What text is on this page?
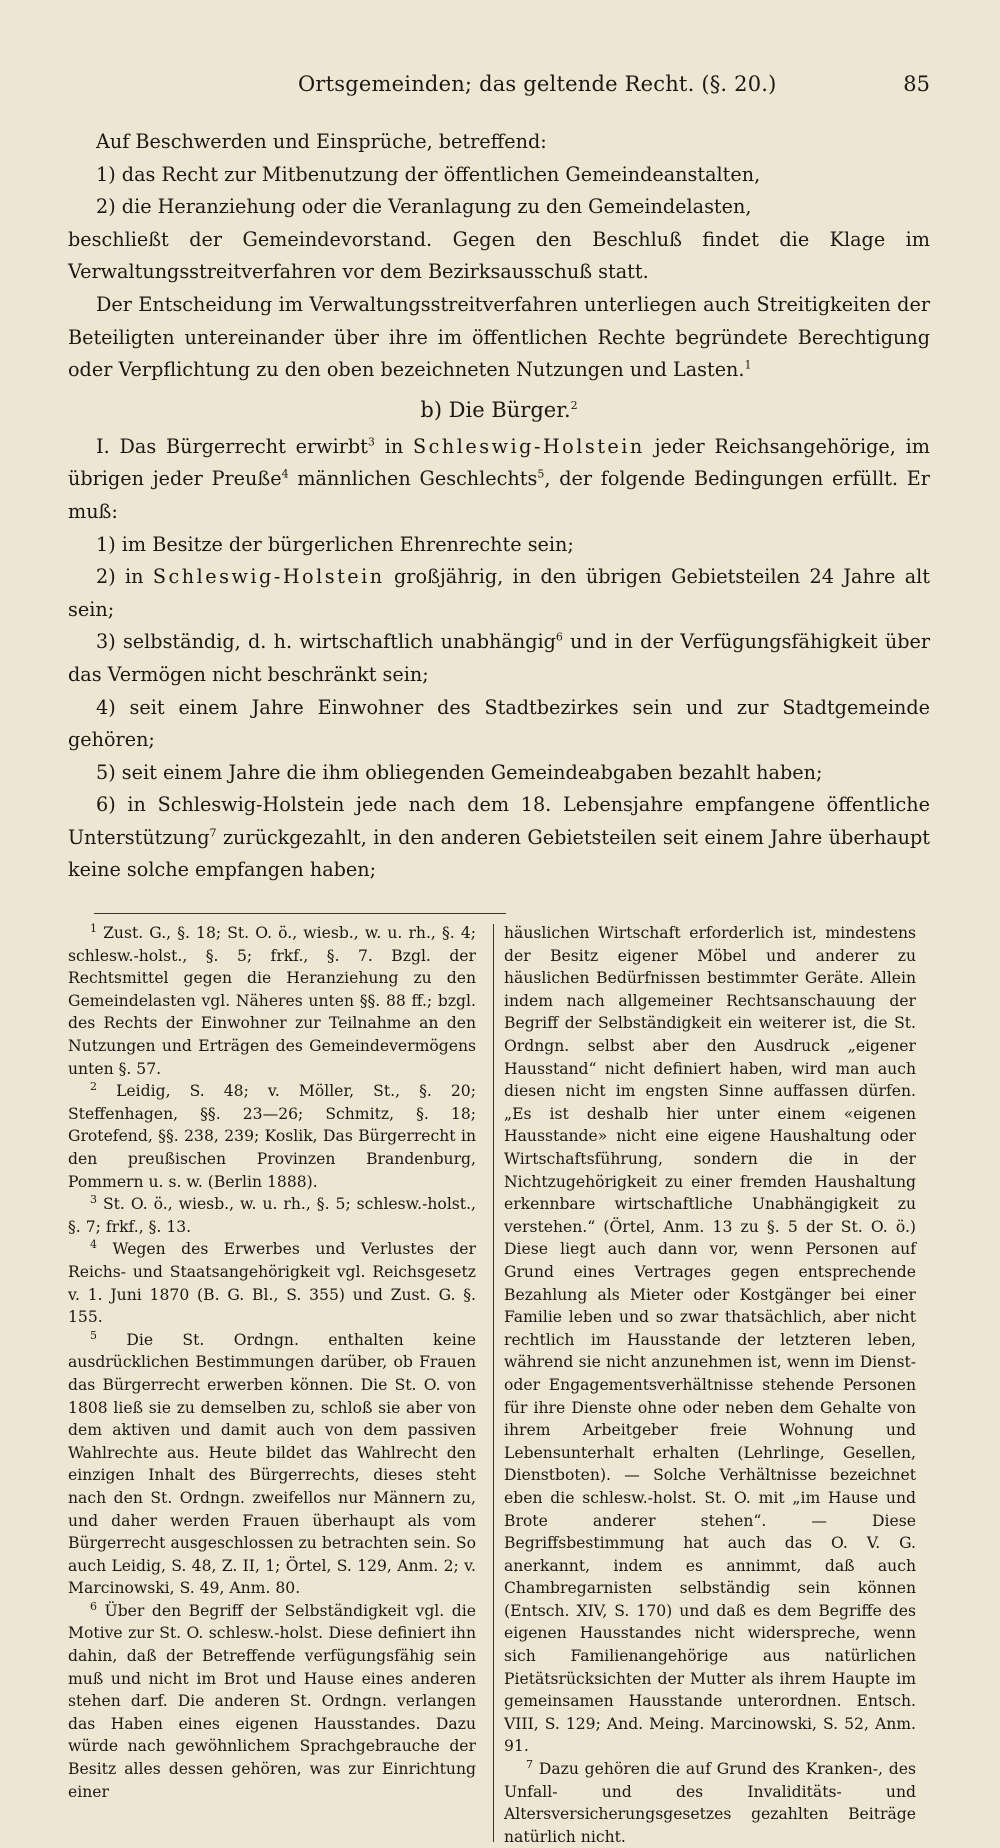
Ortsgemeinden; das geltende Recht. (§. 20.)	85

Auf Beschwerden und Einsprüche, betreffend:

1) das Recht zur Mitbenutzung der öffentlichen Gemeindeanstalten,

2) die Heranziehung oder die Veranlagung zu den Gemeindelasten,

beschließt der Gemeindevorstand. Gegen den Beschluß findet die Klage im Verwaltungsstreitverfahren vor dem Bezirksausschuß statt.

Der Entscheidung im Verwaltungsstreitverfahren unterliegen auch Streitigkeiten der Beteiligten untereinander über ihre im öffentlichen Rechte begründete Berechtigung oder Verpflichtung zu den oben bezeichneten Nutzungen und Lasten.$^1$

b) Die Bürger.$^2$

I. Das Bürgerrecht erwirbt$^3$ in Schleswig-Holstein jeder Reichsangehörige, im übrigen jeder Preuße$^4$ männlichen Geschlechts$^5$, der folgende Bedingungen erfüllt. Er muß:

1) im Besitze der bürgerlichen Ehrenrechte sein;

2) in Schleswig-Holstein großjährig, in den übrigen Gebietsteilen 24 Jahre alt sein;

3) selbständig, d. h. wirtschaftlich unabhängig$^6$ und in der Verfügungsfähigkeit über das Vermögen nicht beschränkt sein;

4) seit einem Jahre Einwohner des Stadtbezirkes sein und zur Stadtgemeinde gehören;

5) seit einem Jahre die ihm obliegenden Gemeindeabgaben bezahlt haben;

6) in Schleswig-Holstein jede nach dem 18. Lebensjahre empfangene öffentliche Unterstützung$^7$ zurückgezahlt, in den anderen Gebietsteilen seit einem Jahre überhaupt keine solche empfangen haben;

$^1$ Zust. G., §. 18; St. O. ö., wiesb., w. u. rh., §. 4; schlesw.-holst., §. 5; frkf., §. 7. Bzgl. der Rechtsmittel gegen die Heranziehung zu den Gemeindelasten vgl. Näheres unten §§. 88 ff.; bzgl. des Rechts der Einwohner zur Teilnahme an den Nutzungen und Erträgen des Gemeindevermögens unten §. 57.

$^2$ Leidig, S. 48; v. Möller, St., §. 20; Steffenhagen, §§. 23—26; Schmitz, §. 18; Grotefend, §§. 238, 239; Koslik, Das Bürgerrecht in den preußischen Provinzen Brandenburg, Pommern u. s. w. (Berlin 1888).

$^3$ St. O. ö., wiesb., w. u. rh., §. 5; schlesw.-holst., §. 7; frkf., §. 13.

$^4$ Wegen des Erwerbes und Verlustes der Reichs- und Staatsangehörigkeit vgl. Reichsgesetz v. 1. Juni 1870 (B. G. Bl., S. 355) und Zust. G. §. 155.

$^5$ Die St. Ordngn. enthalten keine ausdrücklichen Bestimmungen darüber, ob Frauen das Bürgerrecht erwerben können. Die St. O. von 1808 ließ sie zu demselben zu, schloß sie aber von dem aktiven und damit auch von dem passiven Wahlrechte aus. Heute bildet das Wahlrecht den einzigen Inhalt des Bürgerrechts, dieses steht nach den St. Ordngn. zweifellos nur Männern zu, und daher werden Frauen überhaupt als vom Bürgerrecht ausgeschlossen zu betrachten sein. So auch Leidig, S. 48, Z. II, 1; Örtel, S. 129, Anm. 2; v. Marcinowski, S. 49, Anm. 80.

$^6$ Über den Begriff der Selbständigkeit vgl. die Motive zur St. O. schlesw.-holst. Diese definiert ihn dahin, daß der Betreffende verfügungsfähig sein muß und nicht im Brot und Hause eines anderen stehen darf. Die anderen St. Ordngn. verlangen das Haben eines eigenen Hausstandes. Dazu würde nach gewöhnlichem Sprachgebrauche der Besitz alles dessen gehören, was zur Einrichtung einer

häuslichen Wirtschaft erforderlich ist, mindestens der Besitz eigener Möbel und anderer zu häuslichen Bedürfnissen bestimmter Geräte. Allein indem nach allgemeiner Rechtsanschauung der Begriff der Selbständigkeit ein weiterer ist, die St. Ordngn. selbst aber den Ausdruck „eigener Hausstand“ nicht definiert haben, wird man auch diesen nicht im engsten Sinne auffassen dürfen. „Es ist deshalb hier unter einem «eigenen Hausstande» nicht eine eigene Haushaltung oder Wirtschaftsführung, sondern die in der Nichtzugehörigkeit zu einer fremden Haushaltung erkennbare wirtschaftliche Unabhängigkeit zu verstehen.“ (Örtel, Anm. 13 zu §. 5 der St. O. ö.) Diese liegt auch dann vor, wenn Personen auf Grund eines Vertrages gegen entsprechende Bezahlung als Mieter oder Kostgänger bei einer Familie leben und so zwar thatsächlich, aber nicht rechtlich im Hausstande der letzteren leben, während sie nicht anzunehmen ist, wenn im Dienst- oder Engagementsverhältnisse stehende Personen für ihre Dienste ohne oder neben dem Gehalte von ihrem Arbeitgeber freie Wohnung und Lebensunterhalt erhalten (Lehrlinge, Gesellen, Dienstboten). — Solche Verhältnisse bezeichnet eben die schlesw.-holst. St. O. mit „im Hause und Brote anderer stehen“. — Diese Begriffsbestimmung hat auch das O. V. G. anerkannt, indem es annimmt, daß auch Chambregarnisten selbständig sein können (Entsch. XIV, S. 170) und daß es dem Begriffe des eigenen Hausstandes nicht widerspreche, wenn sich Familienangehörige aus natürlichen Pietätsrücksichten der Mutter als ihrem Haupte im gemeinsamen Hausstande unterordnen. Entsch. VIII, S. 129; And. Meing. Marcinowski, S. 52, Anm. 91.

$^7$ Dazu gehören die auf Grund des Kranken-, des Unfall- und des Invaliditäts- und Altersversicherungsgesetzes gezahlten Beiträge natürlich nicht.
